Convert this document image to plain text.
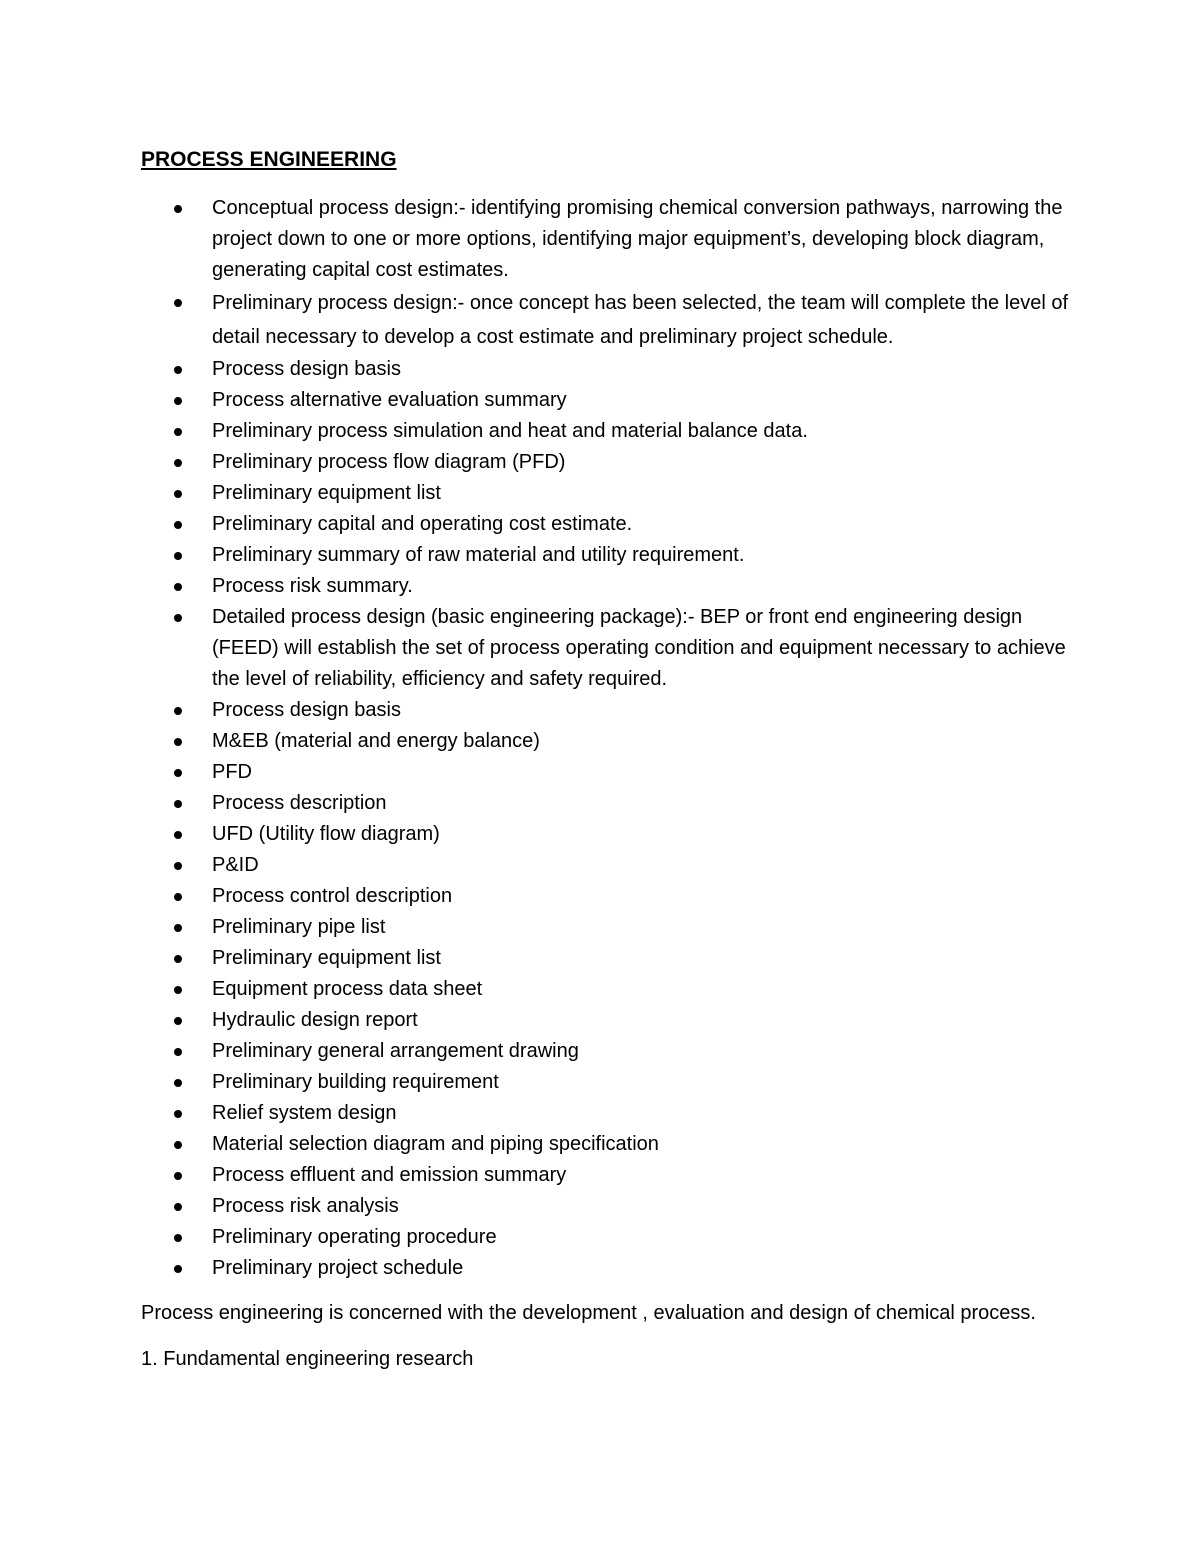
PROCESS ENGINEERING
Conceptual process design:- identifying promising chemical conversion pathways, narrowing the project down to one or more options, identifying major equipment’s, developing block diagram, generating capital cost estimates.
Preliminary process design:- once concept has been selected, the team will complete the level of detail necessary to develop a cost estimate and preliminary project schedule.
Process design basis
Process alternative evaluation summary
Preliminary process simulation and heat and material balance data.
Preliminary process flow diagram (PFD)
Preliminary equipment list
Preliminary capital and operating cost estimate.
Preliminary summary of raw material and utility requirement.
Process risk summary.
Detailed process design (basic engineering package):- BEP or front end engineering design (FEED) will establish the set of process operating condition and equipment necessary to achieve the level of reliability, efficiency and safety required.
Process design basis
M&EB (material and energy balance)
PFD
Process description
UFD (Utility flow diagram)
P&ID
Process control description
Preliminary pipe list
Preliminary equipment list
Equipment process data sheet
Hydraulic design report
Preliminary general arrangement drawing
Preliminary building requirement
Relief system design
Material selection diagram and piping specification
Process effluent and emission summary
Process risk analysis
Preliminary operating procedure
Preliminary project schedule

Process engineering is concerned with the development , evaluation and design of chemical process.

1. Fundamental engineering research
